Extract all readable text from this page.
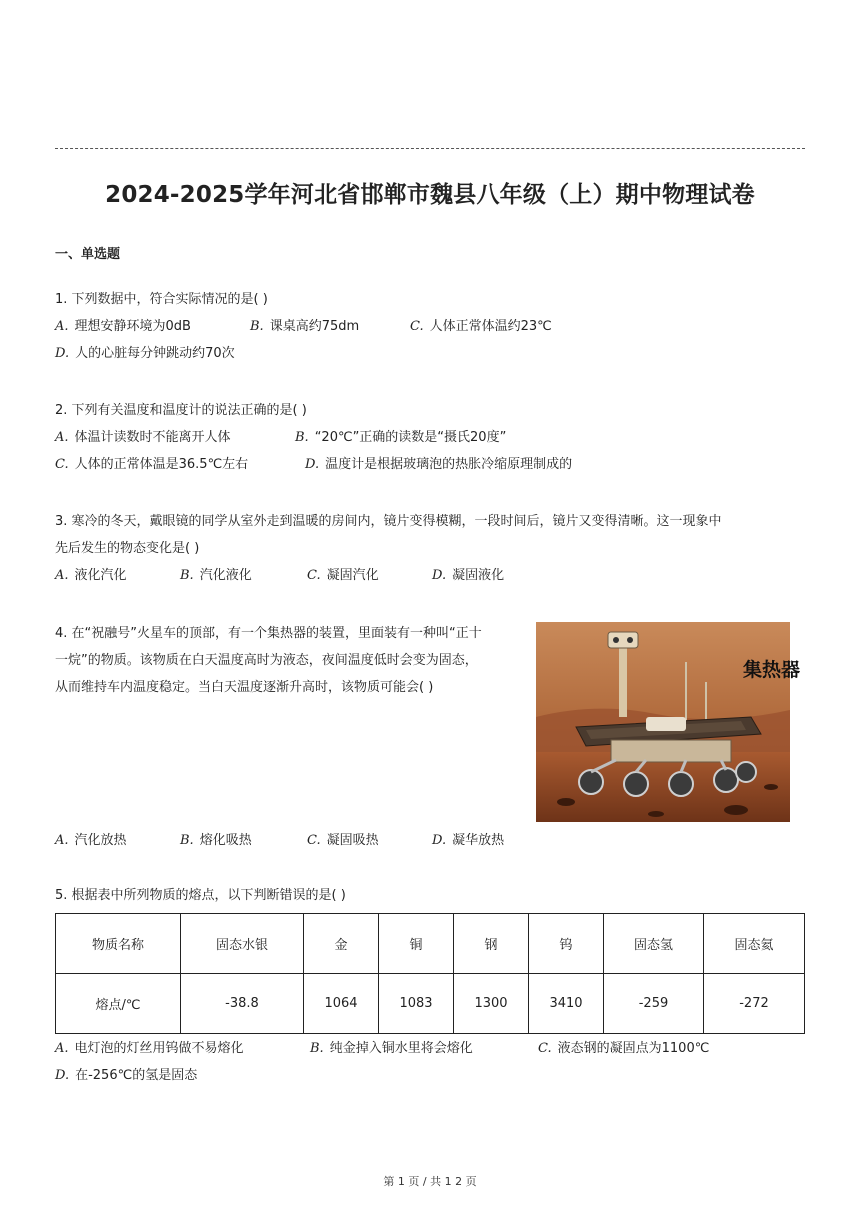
2024-2025学年河北省邯郸市魏县八年级（上）期中物理试卷
一、单选题
1. 下列数据中，符合实际情况的是( )
A. 理想安静环境为0dB	B. 课桌高约75dm	C. 人体正常体温约23℃
D. 人的心脏每分钟跳动约70次
2. 下列有关温度和温度计的说法正确的是( )
A. 体温计读数时不能离开人体	B. “20℃”正确的读数是“摄氏20度”
C. 人体的正常体温是36.5℃左右	D. 温度计是根据玻璃泡的热胀冷缩原理制成的
3. 寒冷的冬天，戴眼镜的同学从室外走到温暖的房间内，镜片变得模糊，一段时间后，镜片又变得清晰。这一现象中
先后发生的物态变化是( )
A. 液化汽化	B. 汽化液化	C. 凝固汽化	D. 凝固液化
4. 在“祝融号”火星车的顶部，有一个集热器的装置，里面装有一种叫“正十
一烷”的物质。该物质在白天温度高时为液态，夜间温度低时会变为固态，
从而维持车内温度稳定。当白天温度逐渐升高时，该物质可能会( )
集热器
A. 汽化放热	B. 熔化吸热	C. 凝固吸热	D. 凝华放热
5. 根据表中所列物质的熔点，以下判断错误的是( )
物质名称	固态水银	金	铜	钢	钨	固态氢	固态氦
熔点/℃	-38.8	1064	1083	1300	3410	-259	-272
A. 电灯泡的灯丝用钨做不易熔化	B. 纯金掉入铜水里将会熔化	C. 液态钢的凝固点为1100℃
D. 在-256℃的氢是固态
第 1 页 / 共 1 2 页
